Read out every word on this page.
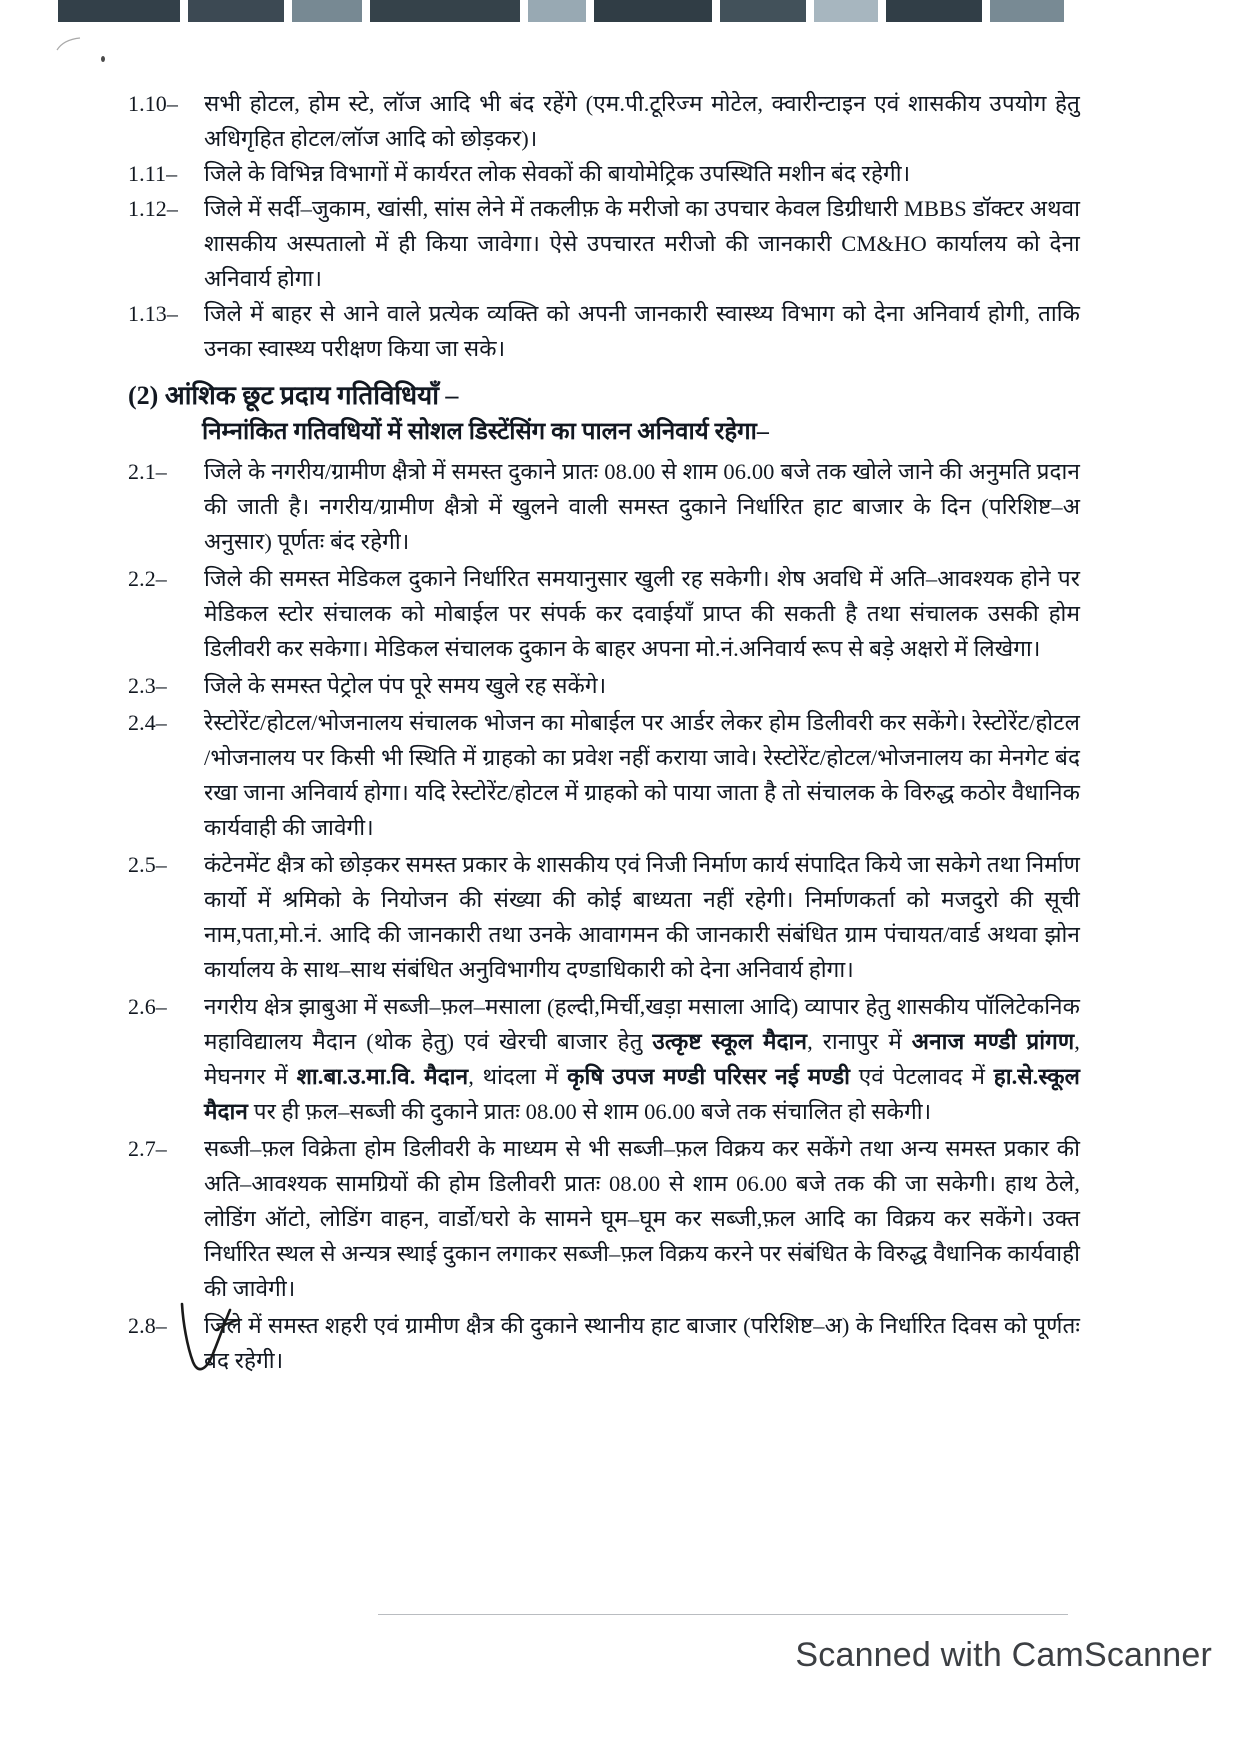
1.10–	सभी होटल, होम स्टे, लॉज आदि भी बंद रहेंगे (एम.पी.टूरिज्म मोटेल, क्वारीन्टाइन एवं शासकीय उपयोग हेतु अधिगृहित होटल​/​लॉज आदि को छोड़कर)।
1.11–	जिले के विभिन्न विभागों में कार्यरत लोक सेवकों की बायोमेट्रिक उपस्थिति मशीन बंद रहेगी।
1.12–	जिले में सर्दी–जुकाम, खांसी, सांस लेने में तकलीफ़ के मरीजो का उपचार केवल डिग्रीधारी MBBS डॉक्टर अथवा शासकीय अस्पतालो में ही किया जावेगा। ऐसे उपचारत मरीजो की जानकारी CM&HO कार्यालय को देना अनिवार्य होगा।
1.13–	जिले में बाहर से आने वाले प्रत्येक व्यक्ति को अपनी जानकारी स्वास्थ्य विभाग को देना अनिवार्य होगी, ताकि उनका स्वास्थ्य परीक्षण किया जा सके।
(2) आंशिक छूट प्रदाय गतिविधियॉं –
निम्नांकित गतिवधियों में सोशल डिस्टेंसिंग का पालन अनिवार्य रहेगा–
2.1–	जिले के नगरीय​/​ग्रामीण क्षैत्रो में समस्त दुकाने प्रातः 08.00 से शाम 06.00 बजे तक खोले जाने की अनुमति प्रदान की जाती है। नगरीय​/​ग्रामीण क्षैत्रो में खुलने वाली समस्त दुकाने निर्धारित हाट बाजार के दिन (परिशिष्ट–अ अनुसार) पूर्णतः बंद रहेगी।
2.2–	जिले की समस्त मेडिकल दुकाने निर्धारित समयानुसार खुली रह सकेगी। शेष अवधि में अति–आवश्यक होने पर मेडिकल स्टोर संचालक को मोबाईल पर संपर्क कर दवाईयाँ प्राप्त की सकती है तथा संचालक उसकी होम डिलीवरी कर सकेगा। मेडिकल संचालक दुकान के बाहर अपना मो.नं.अनिवार्य रूप से बड़े अक्षरो में लिखेगा।
2.3–	जिले के समस्त पेट्रोल पंप पूरे समय खुले रह सकेंगे।
2.4–	रेस्टोरेंट​/​होटल​/​भोजनालय संचालक भोजन का मोबाईल पर आर्डर लेकर होम डिलीवरी कर सकेंगे। रेस्टोरेंट​/​होटल​/​भोजनालय पर किसी भी स्थिति में ग्राहको का प्रवेश नहीं कराया जावे। रेस्टोरेंट​/​होटल​/​भोजनालय का मेनगेट बंद रखा जाना अनिवार्य होगा। यदि रेस्टोरेंट​/​होटल में ग्राहको को पाया जाता है तो संचालक के विरुद्ध कठोर वैधानिक कार्यवाही की जावेगी।
2.5–	कंटेनमेंट क्षैत्र को छोड़कर समस्त प्रकार के शासकीय एवं निजी निर्माण कार्य संपादित किये जा सकेगे तथा निर्माण कार्यो में श्रमिको के नियोजन की संख्या की कोई बाध्यता नहीं रहेगी। निर्माणकर्ता को मजदुरो की सूची नाम,पता,मो.नं. आदि की जानकारी तथा उनके आवागमन की जानकारी संबंधित ग्राम पंचायत​/​वार्ड अथवा झोन कार्यालय के साथ–साथ संबंधित अनुविभागीय दण्डाधिकारी को देना अनिवार्य होगा।
2.6–	नगरीय क्षेत्र झाबुआ में सब्जी–फ़ल–मसाला (हल्दी,मिर्ची,खड़ा मसाला आदि) व्यापार हेतु शासकीय पॉलिटेकनिक महाविद्यालय मैदान (थोक हेतु) एवं खेरची बाजार हेतु उत्कृष्ट स्कूल मैदान, रानापुर में अनाज मण्डी प्रांगण, मेघनगर में शा.बा.उ.मा.वि. मैदान, थांदला में कृषि उपज मण्डी परिसर नई मण्डी एवं पेटलावद में हा.से.स्कूल मैदान पर ही फ़ल–सब्जी की दुकाने प्रातः 08.00 से शाम 06.00 बजे तक संचालित हो सकेगी।
2.7–	सब्जी–फ़ल विक्रेता होम डिलीवरी के माध्यम से भी सब्जी–फ़ल विक्रय कर सकेंगे तथा अन्य समस्त प्रकार की अति–आवश्यक सामग्रियों की होम डिलीवरी प्रातः 08.00 से शाम 06.00 बजे तक की जा सकेगी। हाथ ठेले, लोडिंग ऑटो, लोडिंग वाहन, वार्डो​/​घरो के सामने घूम–घूम कर सब्जी,फ़ल आदि का विक्रय कर सकेंगे। उक्त निर्धारित स्थल से अन्यत्र स्थाई दुकान लगाकर सब्जी–फ़ल विक्रय करने पर संबंधित के विरुद्ध वैधानिक कार्यवाही की जावेगी।
2.8–	जिले में समस्त शहरी एवं ग्रामीण क्षैत्र की दुकाने स्थानीय हाट बाजार (परिशिष्ट–अ) के निर्धारित दिवस को पूर्णतः बंद रहेगी।
Scanned with CamScanner
